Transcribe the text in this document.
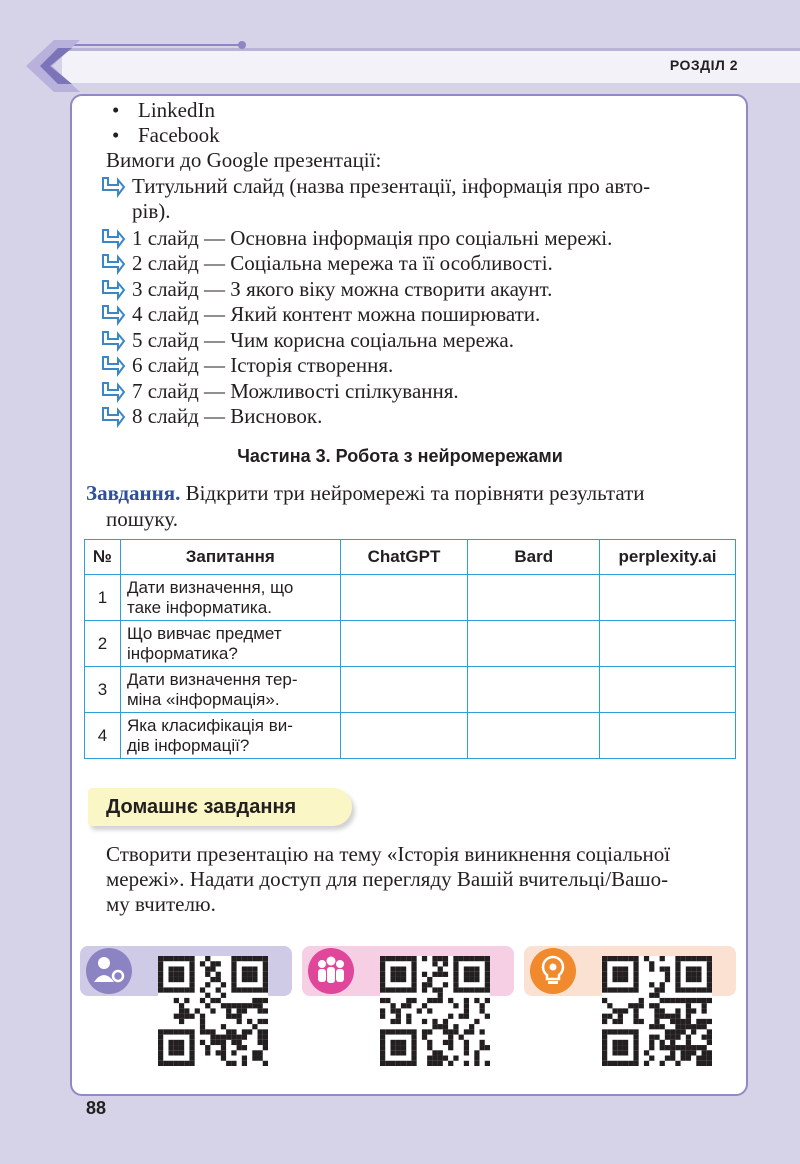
РОЗДІЛ 2
• LinkedIn
• Facebook
Вимоги до Google презентації:
Титульний слайд (назва презентації, інформація про авто-
рів).
1 слайд — Основна інформація про соціальні мережі.
2 слайд — Соціальна мережа та її особливості.
3 слайд — З якого віку можна створити акаунт.
4 слайд — Який контент можна поширювати.
5 слайд — Чим корисна соціальна мережа.
6 слайд — Історія створення.
7 слайд — Можливості спілкування.
8 слайд — Висновок.
Частина 3. Робота з нейромережами
Завдання. Відкрити три нейромережі та порівняти результати
пошуку.
№	Запитання	ChatGPT	Bard	perplexity.ai
1	Дати визначення, що
таке інформатика.			
2	Що вивчає предмет
інформатика?			
3	Дати визначення тер-
міна «інформація».			
4	Яка класифікація ви-
дів інформації?			
Домашнє завдання
Створити презентацію на тему «Історія виникнення соціальної
мережі». Надати доступ для перегляду Вашій вчительці/Вашо-
му вчителю.
88
